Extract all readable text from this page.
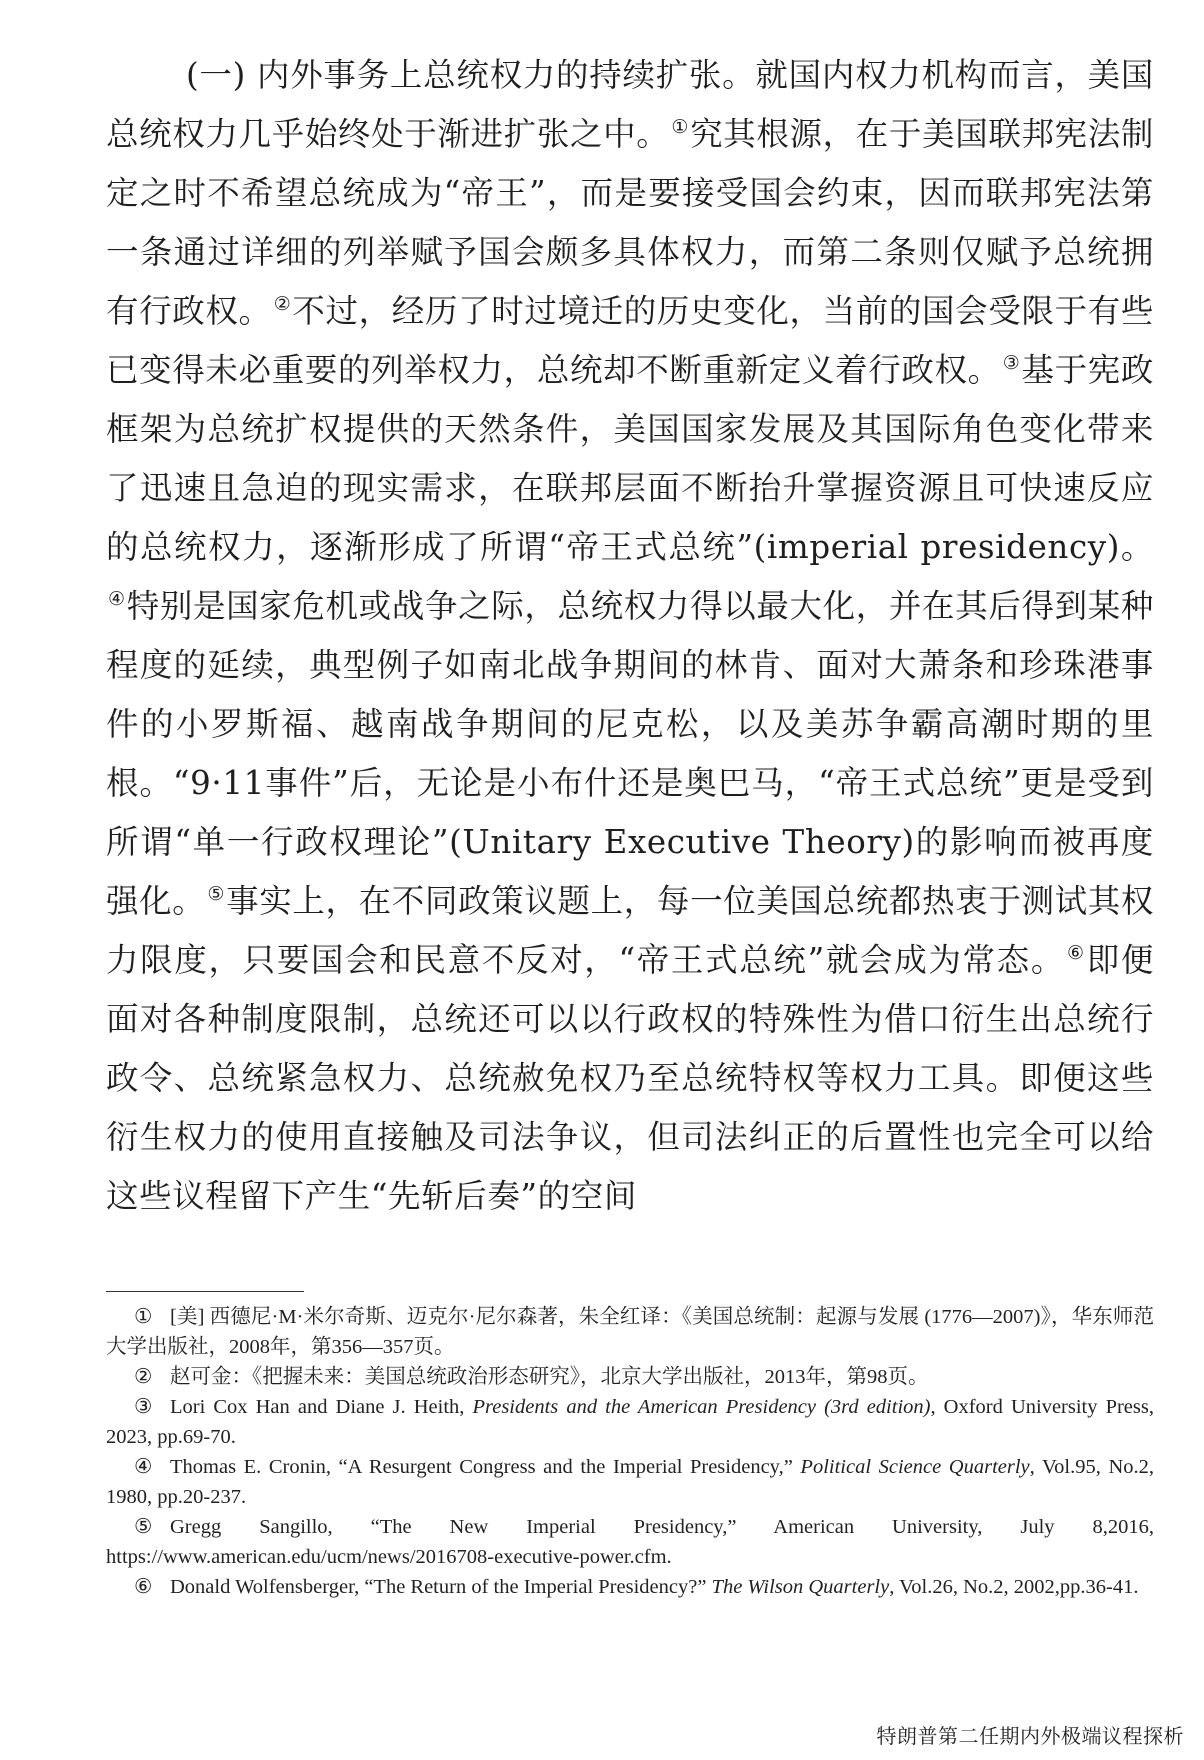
(一) 内外事务上总统权力的持续扩张。就国内权力机构而言，美国总统权力几乎始终处于渐进扩张之中。 ①究其根源，在于美国联邦宪法制定之时不希望总统成为“帝王”，而是要接受国会约束，因而联邦宪法第一条通过详细的列举赋予国会颇多具体权力，而第二条则仅赋予总统拥有行政权。 ②不过，经历了时过境迁的历史变化，当前的国会受限于有些已变得未必重要的列举权力，总统却不断重新定义着行政权。 ③基于宪政框架为总统扩权提供的天然条件，美国国家发展及其国际角色变化带来了迅速且急迫的现实需求，在联邦层面不断抬升掌握资源且可快速反应的总统权力，逐渐形成了所谓“帝王式总统”(imperial presidency)。④特别是国家危机或战争之际，总统权力得以最大化，并在其后得到某种程度的延续，典型例子如南北战争期间的林肯、面对大萧条和珍珠港事件的小罗斯福、越南战争期间的尼克松，以及美苏争霸高潮时期的里根。“9·11事件”后，无论是小布什还是奥巴马，“帝王式总统”更是受到所谓“单一行政权理论”(Unitary Executive Theory)的影响而被再度强化。 ⑤事实上，在不同政策议题上，每一位美国总统都热衷于测试其权力限度，只要国会和民意不反对，“帝王式总统”就会成为常态。 ⑥即便面对各种制度限制，总统还可以以行政权的特殊性为借口衍生出总统行政令、总统紧急权力、总统赦免权乃至总统特权等权力工具。即便这些衍生权力的使用直接触及司法争议，但司法纠正的后置性也完全可以给这些议程留下产生“先斩后奏”的空间

① [美] 西德尼·M·米尔奇斯、迈克尔·尼尔森著，朱全红译：《美国总统制：起源与发展 (1776—2007)》，华东师范大学出版社，2008年，第356—357页。

② 赵可金：《把握未来：美国总统政治形态研究》，北京大学出版社，2013年，第98页。

③ Lori Cox Han and Diane J. Heith, Presidents and the American Presidency (3rd edition), Oxford University Press, 2023, pp.69-70.

④ Thomas E. Cronin, “A Resurgent Congress and the Imperial Presidency,” Political Science Quarterly, Vol.95, No.2, 1980, pp.20-237.

⑤ Gregg Sangillo, “The New Imperial Presidency,” American University, July 8,2016, https://www.american.edu/ucm/news/2016708-executive-power.cfm.

⑥ Donald Wolfensberger, “The Return of the Imperial Presidency?” The Wilson Quarterly, Vol.26, No.2, 2002,pp.36-41.

特朗普第二任期内外极端议程探析
